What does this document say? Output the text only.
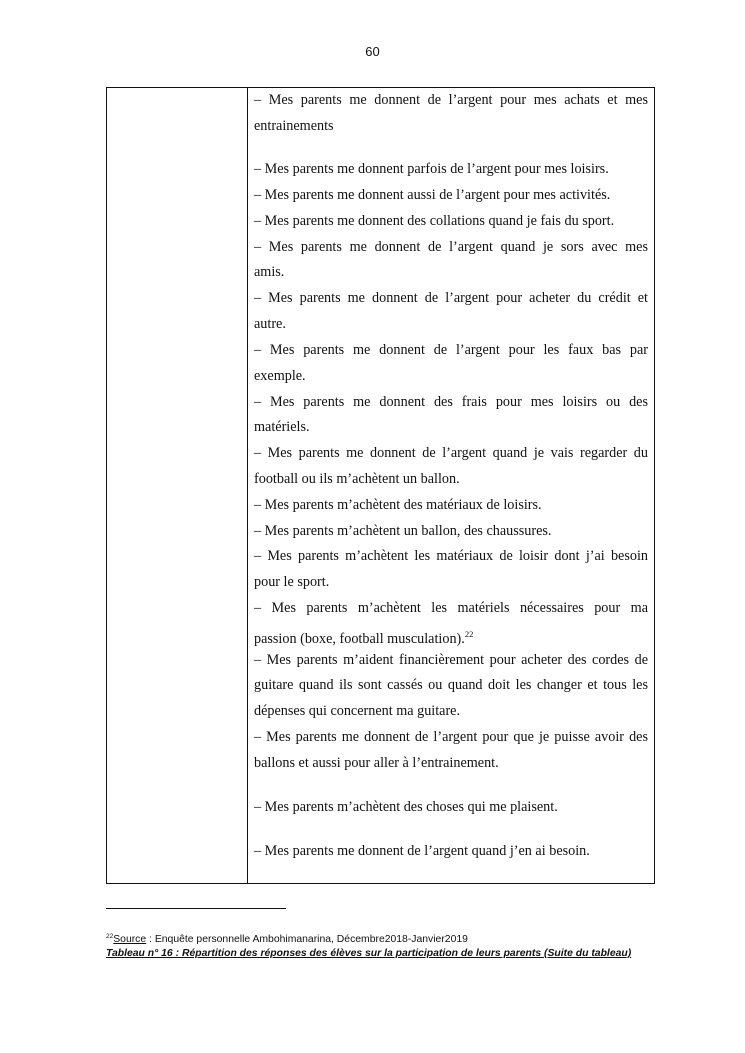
60
– Mes parents me donnent de l’argent pour mes achats et mes
entrainements
– Mes parents me donnent parfois de l’argent pour mes loisirs.
– Mes parents me donnent aussi de l’argent pour mes activités.
– Mes parents me donnent des collations quand je fais du sport.
– Mes parents me donnent de l’argent quand je sors avec mes
amis.
– Mes parents me donnent de l’argent pour acheter du crédit et
autre.
– Mes parents me donnent de l’argent pour les faux bas par
exemple.
– Mes parents me donnent des frais pour mes loisirs ou des
matériels.
– Mes parents me donnent de l’argent quand je vais regarder du
football ou ils m’achètent un ballon.
– Mes parents m’achètent des matériaux de loisirs.
– Mes parents m’achètent un ballon, des chaussures.
– Mes parents m’achètent les matériaux de loisir dont j’ai besoin
pour le sport.
– Mes parents m’achètent les matériels nécessaires pour ma
passion (boxe, football musculation).$^{22}$
– Mes parents m’aident financièrement pour acheter des cordes de
guitare quand ils sont cassés ou quand doit les changer et tous les
dépenses qui concernent ma guitare.
– Mes parents me donnent de l’argent pour que je puisse avoir des
ballons et aussi pour aller à l’entrainement.
– Mes parents m’achètent des choses qui me plaisent.
– Mes parents me donnent de l’argent quand j’en ai besoin.
$^{22}$Source : Enquête personnelle Ambohimanarina, Décembre2018-Janvier2019
Tableau n° 16 : Répartition des réponses des élèves sur la participation de leurs parents (Suite du tableau)
